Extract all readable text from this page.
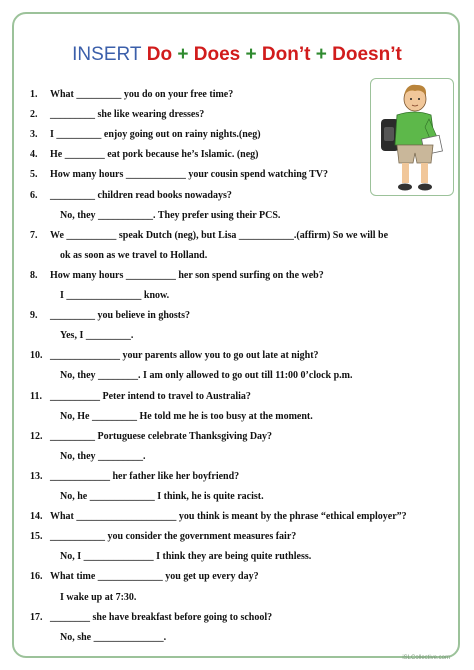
INSERT Do + Does + Don’t + Doesn’t
1. What _________ you do on your free time?
2. _________ she like wearing dresses?
3. I _________ enjoy going out on rainy nights.(neg)
4. He ________ eat pork because he’s Islamic. (neg)
5. How many hours ____________ your cousin spend watching TV?
6. _________ children read books nowadays?
No, they ___________. They prefer using their PCS.
7. We __________ speak Dutch (neg), but Lisa ___________.(affirm) So we will be
ok as soon as we travel to Holland.
8. How many hours __________ her son spend surfing on the web?
I _______________ know.
9. _________ you believe in ghosts?
Yes, I _________.
10. ______________ your parents allow you to go out late at night?
No, they ________. I am only allowed to go out till 11:00 0’clock p.m.
11. __________ Peter intend to travel to Australia?
No, He _________ He told me he is too busy at the moment.
12. _________ Portuguese celebrate Thanksgiving Day?
No, they _________.
13. ____________ her father like her boyfriend?
No, he _____________ I think, he is quite racist.
14. What ____________________ you think is meant by the phrase “ethical employer”?
15. ___________ you consider the government measures fair?
No, I ______________ I think they are being quite ruthless.
16. What time _____________ you get up every day?
I wake up at 7:30.
17. ________ she have breakfast before going to school?
No, she ______________.
iSLCollective.com
